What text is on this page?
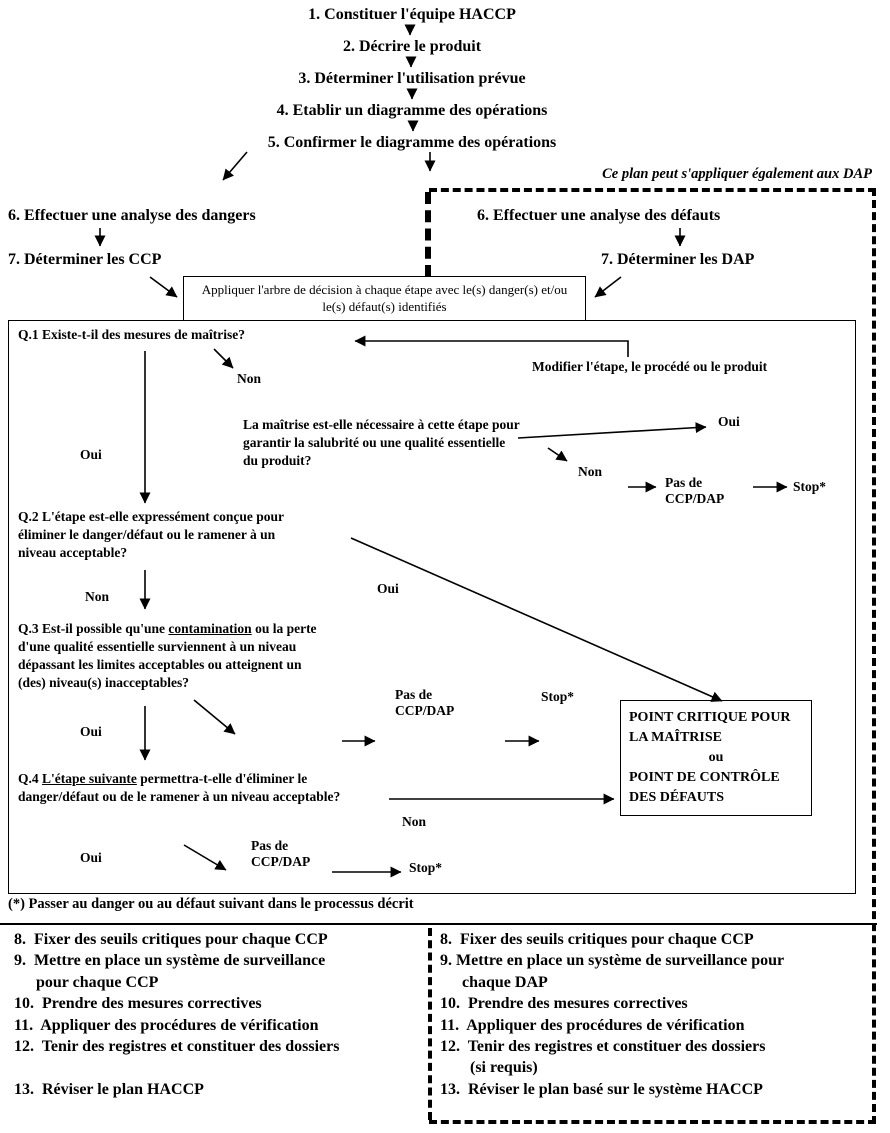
1. Constituer l'équipe HACCP
2. Décrire le produit
3. Déterminer l'utilisation prévue
4. Etablir un diagramme des opérations
5. Confirmer le diagramme des opérations
Ce plan peut s'appliquer également aux DAP
6. Effectuer une analyse des dangers
7. Déterminer les CCP
6. Effectuer une analyse des défauts
7. Déterminer les DAP
Appliquer l'arbre de décision à chaque étape avec le(s) danger(s) et/ou le(s) défaut(s) identifiés
Q.1 Existe-t-il des mesures de maîtrise?
Modifier l'étape, le procédé ou le produit
Non
Oui
La maîtrise est-elle nécessaire à cette étape pour garantir la salubrité ou une qualité essentielle du produit?
Oui
Non
Pas de
CCP/DAP
Stop*
Q.2 L'étape est-elle expressément conçue pour éliminer le danger/défaut ou le ramener à un niveau acceptable?
Non
Oui
Q.3 Est-il possible qu'une contamination ou la perte d'une qualité essentielle surviennent à un niveau dépassant les limites acceptables ou atteignent un (des) niveau(s) inacceptables?
Oui
Pas de
CCP/DAP
Stop*
POINT CRITIQUE POUR LA MAÎTRISE
ou
POINT DE CONTRÔLE DES DÉFAUTS
Q.4 L'étape suivante permettra-t-elle d'éliminer le danger/défaut ou de le ramener à un niveau acceptable?
Non
Oui
Pas de
CCP/DAP	Stop*
(*) Passer au danger ou au défaut suivant dans le processus décrit
8.  Fixer des seuils critiques pour chaque CCP
9.  Mettre en place un système de surveillance
pour chaque CCP
10.  Prendre des mesures correctives
11.  Appliquer des procédures de vérification
12.  Tenir des registres et constituer des dossiers
13.  Réviser le plan HACCP
8.  Fixer des seuils critiques pour chaque CCP
9. Mettre en place un système de surveillance pour
chaque DAP
10.  Prendre des mesures correctives
11.  Appliquer des procédures de vérification
12.  Tenir des registres et constituer des dossiers
(si requis)
13.  Réviser le plan basé sur le système HACCP
